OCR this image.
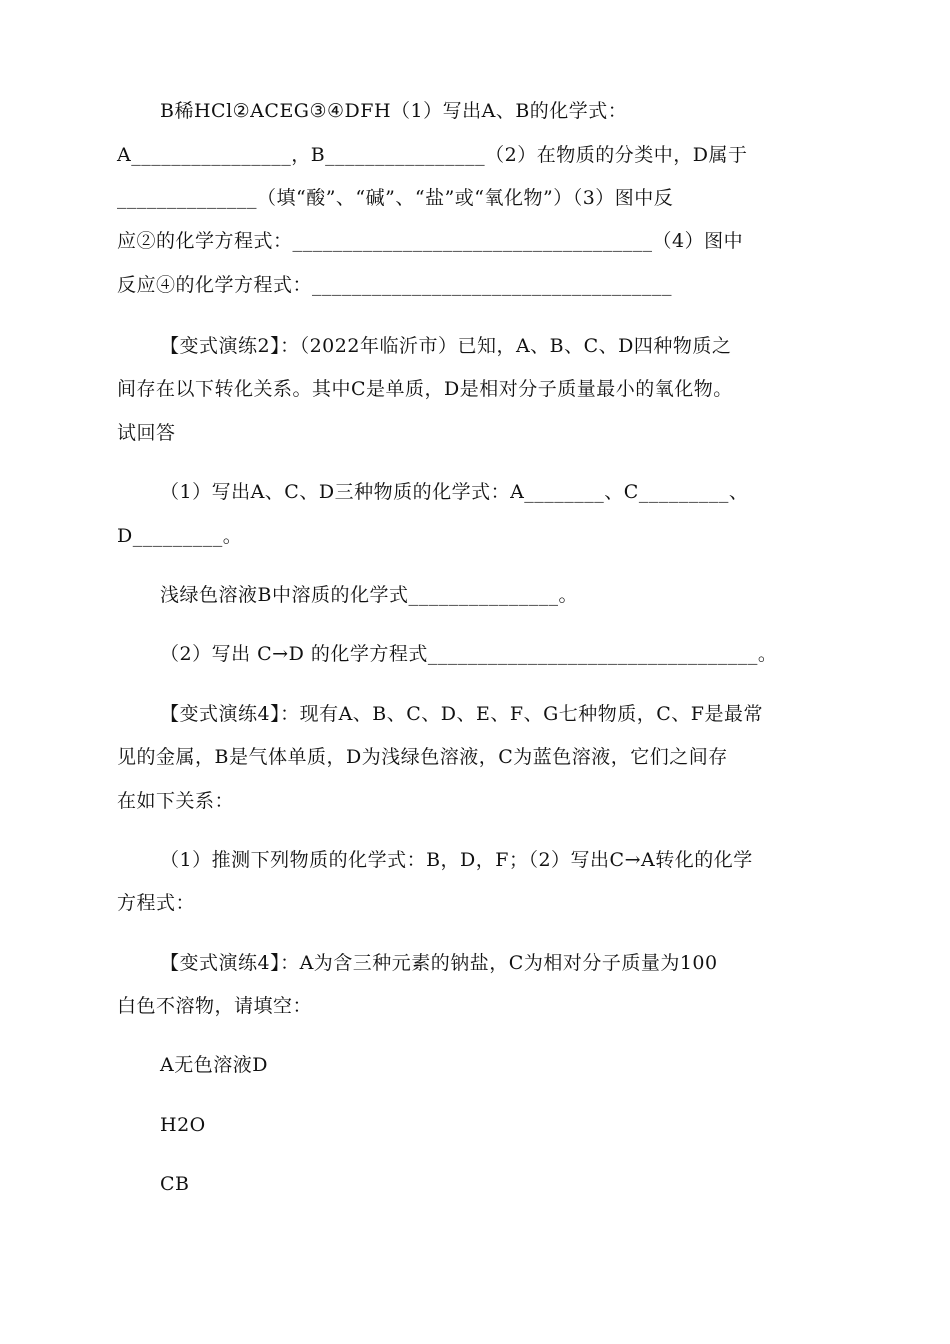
B稀HCl②ACEG③④DFH（1）写出A、B的化学式：
A________________，B________________（2）在物质的分类中，D属于
______________（填“酸”、“碱”、“盐”或“氧化物”）（3）图中反
应②的化学方程式：____________________________________（4）图中
反应④的化学方程式：____________________________________
【变式演练2】：（2022年临沂市）已知，A、B、C、D四种物质之
间存在以下转化关系。其中C是单质，D是相对分子质量最小的氧化物。
试回答
（1）写出A、C、D三种物质的化学式：A________、C_________、
D_________。
浅绿色溶液B中溶质的化学式_______________。
（2）写出 C→D 的化学方程式_________________________________。
【变式演练4】：现有A、B、C、D、E、F、G七种物质，C、F是最常
见的金属，B是气体单质，D为浅绿色溶液，C为蓝色溶液，它们之间存
在如下关系：
（1）推测下列物质的化学式：B，D，F；（2）写出C→A转化的化学
方程式：
【变式演练4】：A为含三种元素的钠盐，C为相对分子质量为100
白色不溶物，请填空：
A无色溶液D
H2O
CB
